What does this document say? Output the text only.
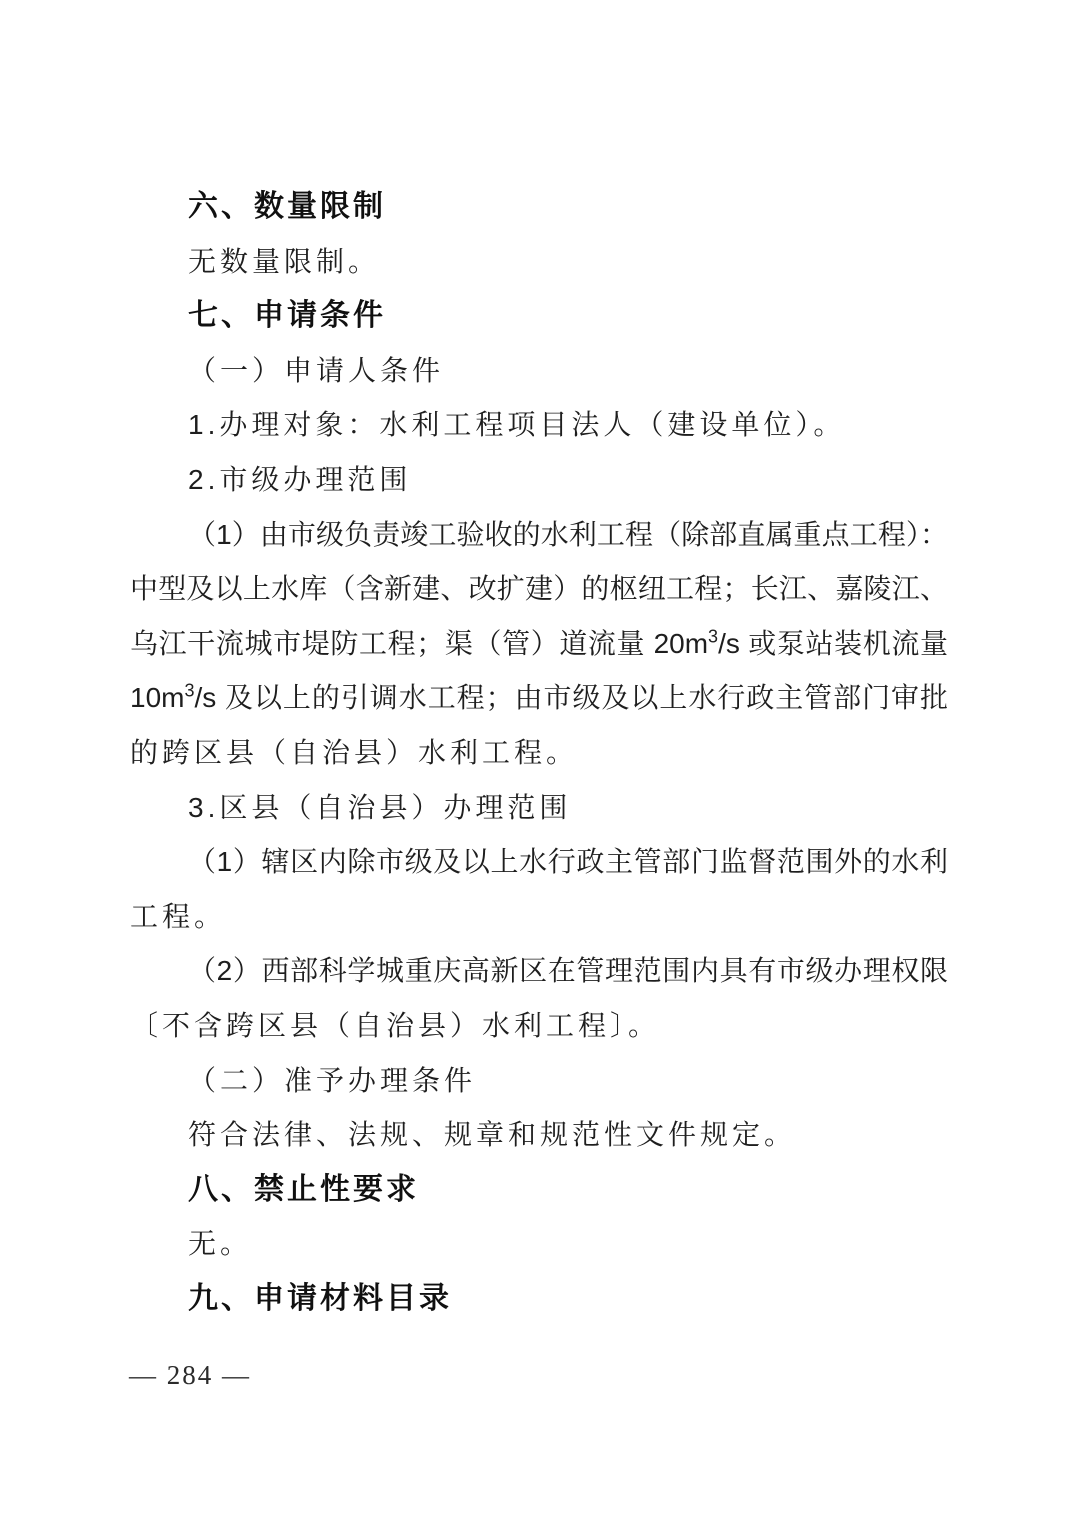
六、数量限制
无数量限制。
七、申请条件
（一）申请人条件
1.办理对象：水利工程项目法人（建设单位）。
2.市级办理范围
（1）由市级负责竣工验收的水利工程（除部直属重点工程）：
中型及以上水库（含新建、改扩建）的枢纽工程；长江、嘉陵江、
乌江干流城市堤防工程；渠（管）道流量 $20m^3/s$ 或泵站装机流量
$10m^3/s$ 及以上的引调水工程；由市级及以上水行政主管部门审批
的跨区县（自治县）水利工程。
3.区县（自治县）办理范围
（1）辖区内除市级及以上水行政主管部门监督范围外的水利
工程。
（2）西部科学城重庆高新区在管理范围内具有市级办理权限
〔不含跨区县（自治县）水利工程〕。
（二）准予办理条件
符合法律、法规、规章和规范性文件规定。
八、禁止性要求
无。
九、申请材料目录
— 284 —
